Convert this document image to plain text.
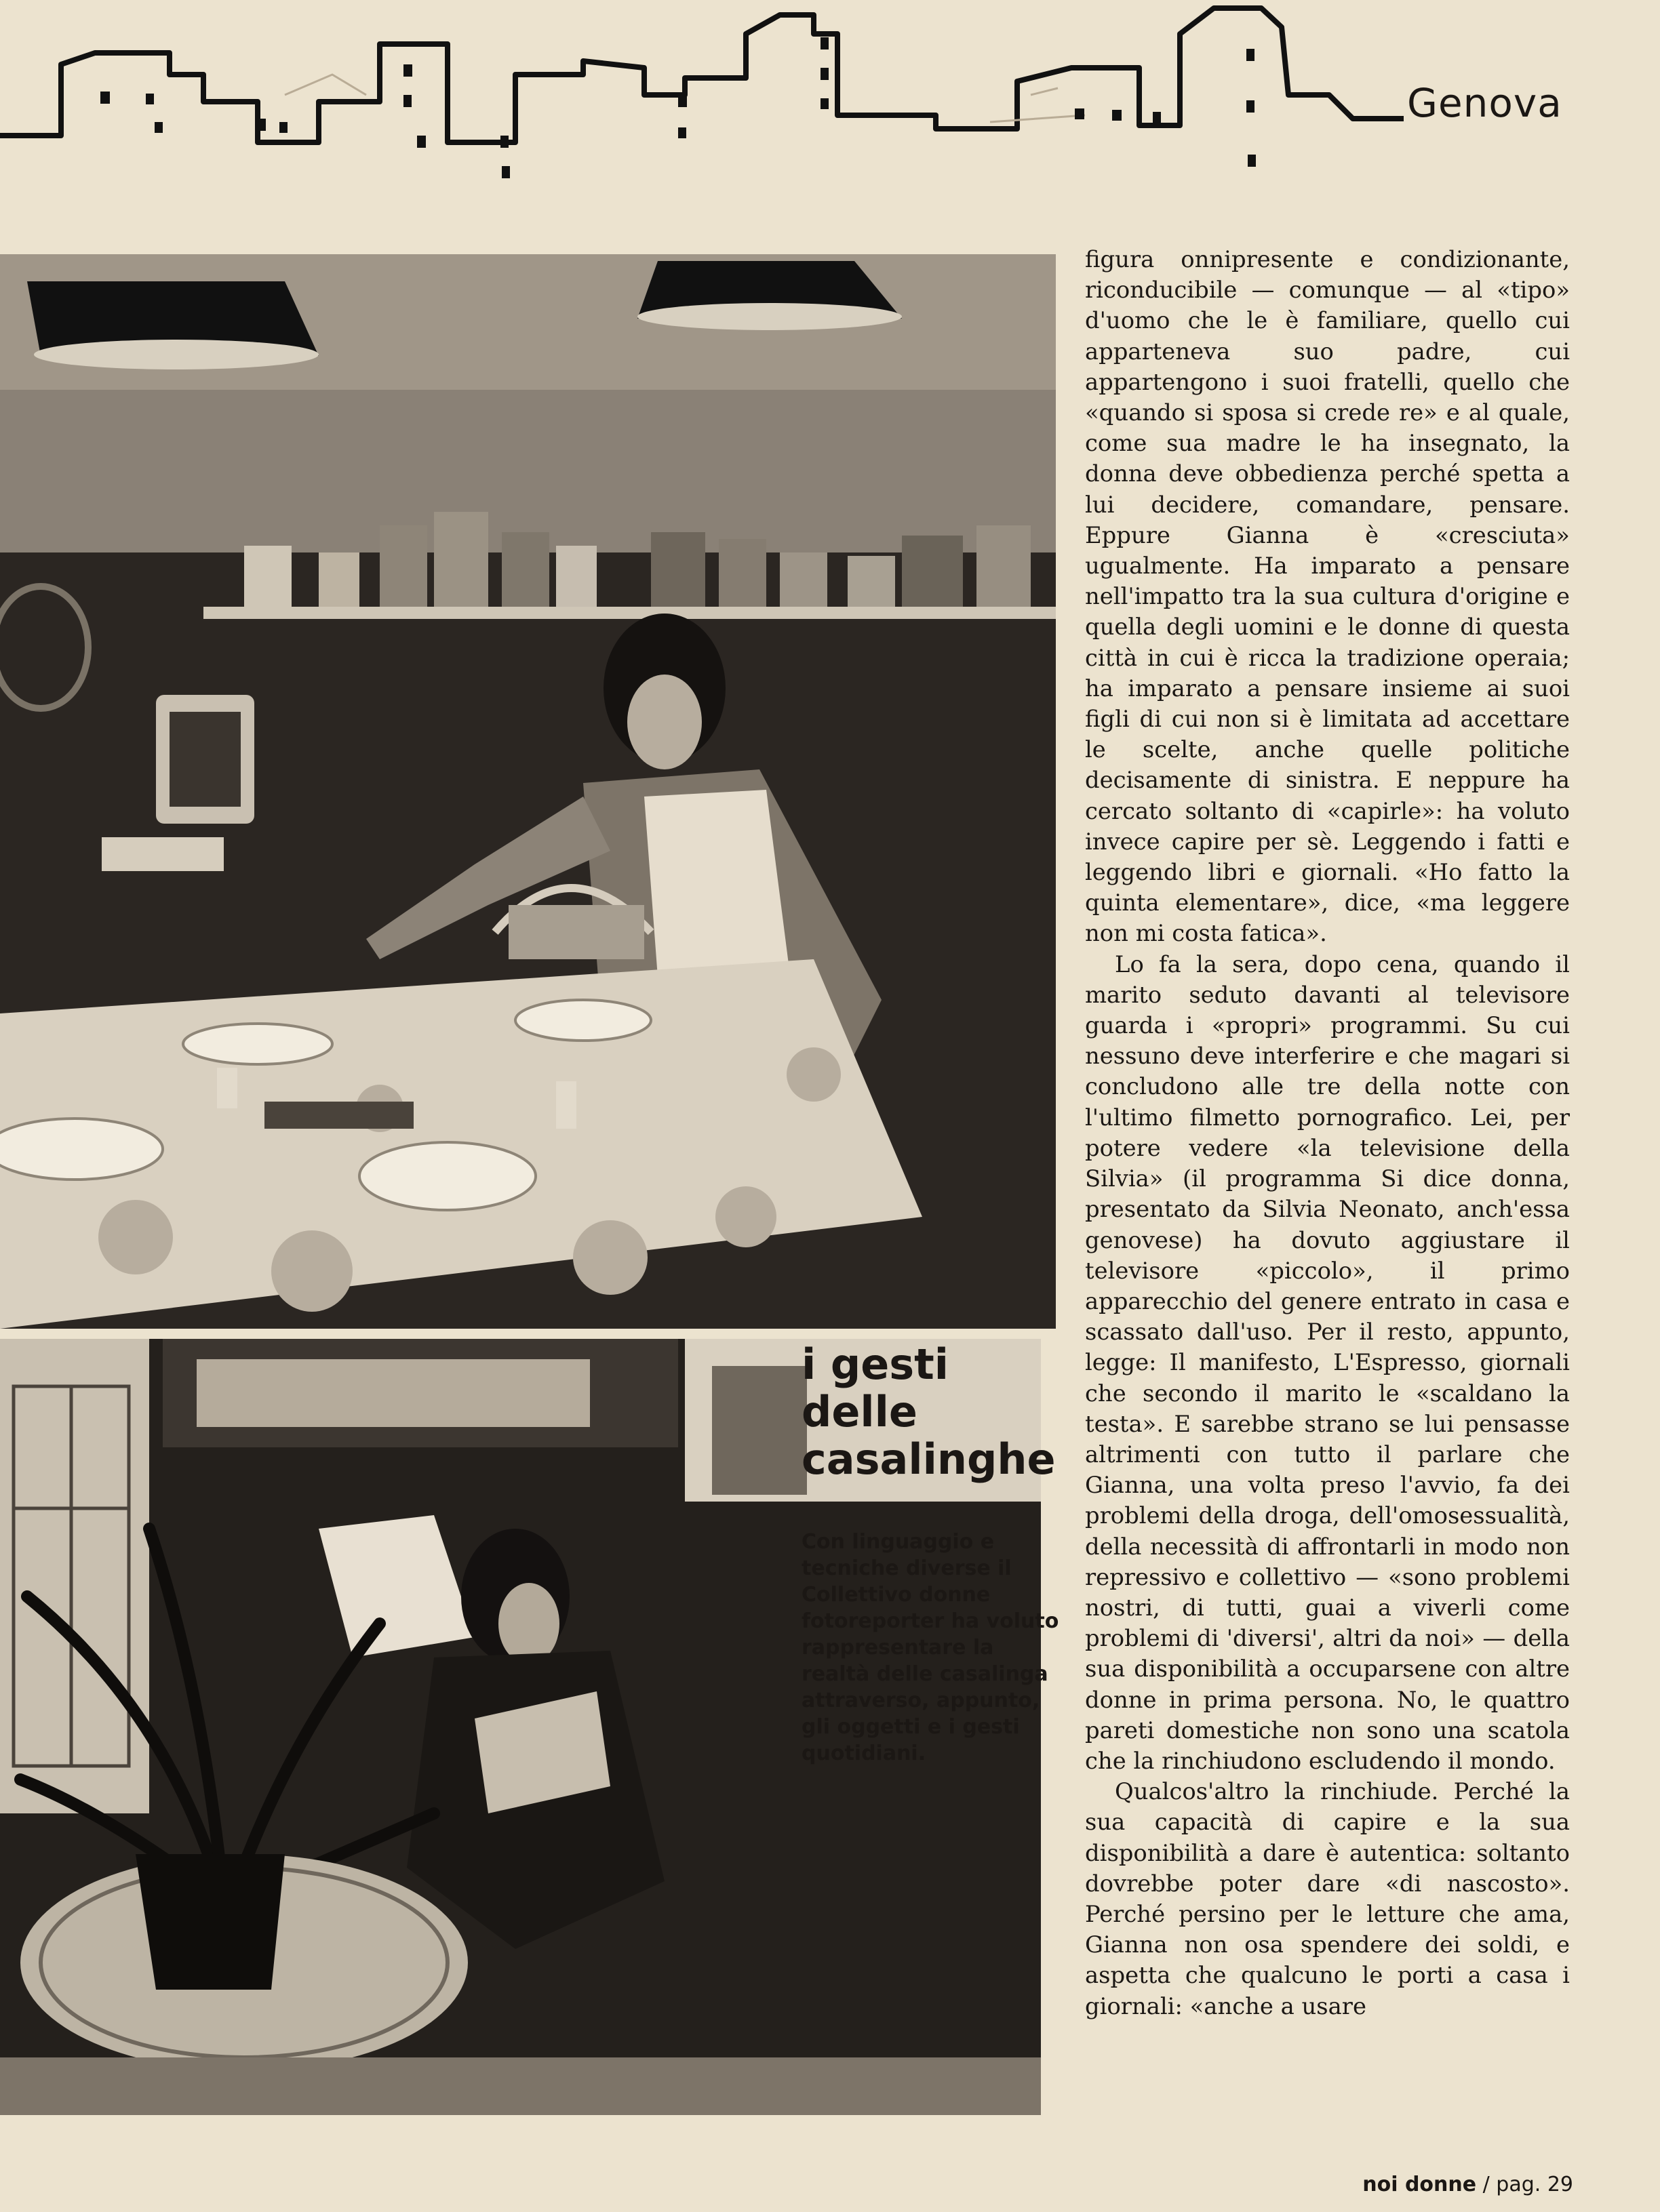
Genova
i gesti
delle
casalinghe
Con linguaggio e tecniche diverse il Collettivo donne fotoreporter ha voluto rappresentare la realtà delle casalinga attraverso, appunto, gli oggetti e i gesti quotidiani.

figura onnipresente e condizionante, riconducibile — comunque — al «tipo» d'uomo che le è familiare, quello cui apparteneva suo padre, cui appartengono i suoi fratelli, quello che «quando si sposa si crede re» e al quale, come sua madre le ha insegnato, la donna deve obbedienza perché spetta a lui decidere, comandare, pensare. Eppure Gianna è «cresciuta» ugualmente. Ha imparato a pensare nell'impatto tra la sua cultura d'origine e quella degli uomini e le donne di questa città in cui è ricca la tradizione operaia; ha imparato a pensare insieme ai suoi figli di cui non si è limitata ad accettare le scelte, anche quelle politiche decisamente di sinistra. E neppure ha cercato soltanto di «capirle»: ha voluto invece capire per sè. Leggendo i fatti e leggendo libri e giornali. «Ho fatto la quinta elementare», dice, «ma leggere non mi costa fatica».

Lo fa la sera, dopo cena, quando il marito seduto davanti al televisore guarda i «propri» programmi. Su cui nessuno deve interferire e che magari si concludono alle tre della notte con l'ultimo filmetto pornografico. Lei, per potere vedere «la televisione della Silvia» (il programma Si dice donna, presentato da Silvia Neonato, anch'essa genovese) ha dovuto aggiustare il televisore «piccolo», il primo apparecchio del genere entrato in casa e scassato dall'uso. Per il resto, appunto, legge: Il manifesto, L'Espresso, giornali che secondo il marito le «scaldano la testa». E sarebbe strano se lui pensasse altrimenti con tutto il parlare che Gianna, una volta preso l'avvio, fa dei problemi della droga, dell'omosessualità, della necessità di affrontarli in modo non repressivo e collettivo — «sono problemi nostri, di tutti, guai a viverli come problemi di 'diversi', altri da noi» — della sua disponibilità a occuparsene con altre donne in prima persona. No, le quattro pareti domestiche non sono una scatola che la rinchiudono escludendo il mondo.

Qualcos'altro la rinchiude. Perché la sua capacità di capire e la sua disponibilità a dare è autentica: soltanto dovrebbe poter dare «di nascosto». Perché persino per le letture che ama, Gianna non osa spendere dei soldi, e aspetta che qualcuno le porti a casa i giornali: «anche a usare

noi donne / pag. 29
